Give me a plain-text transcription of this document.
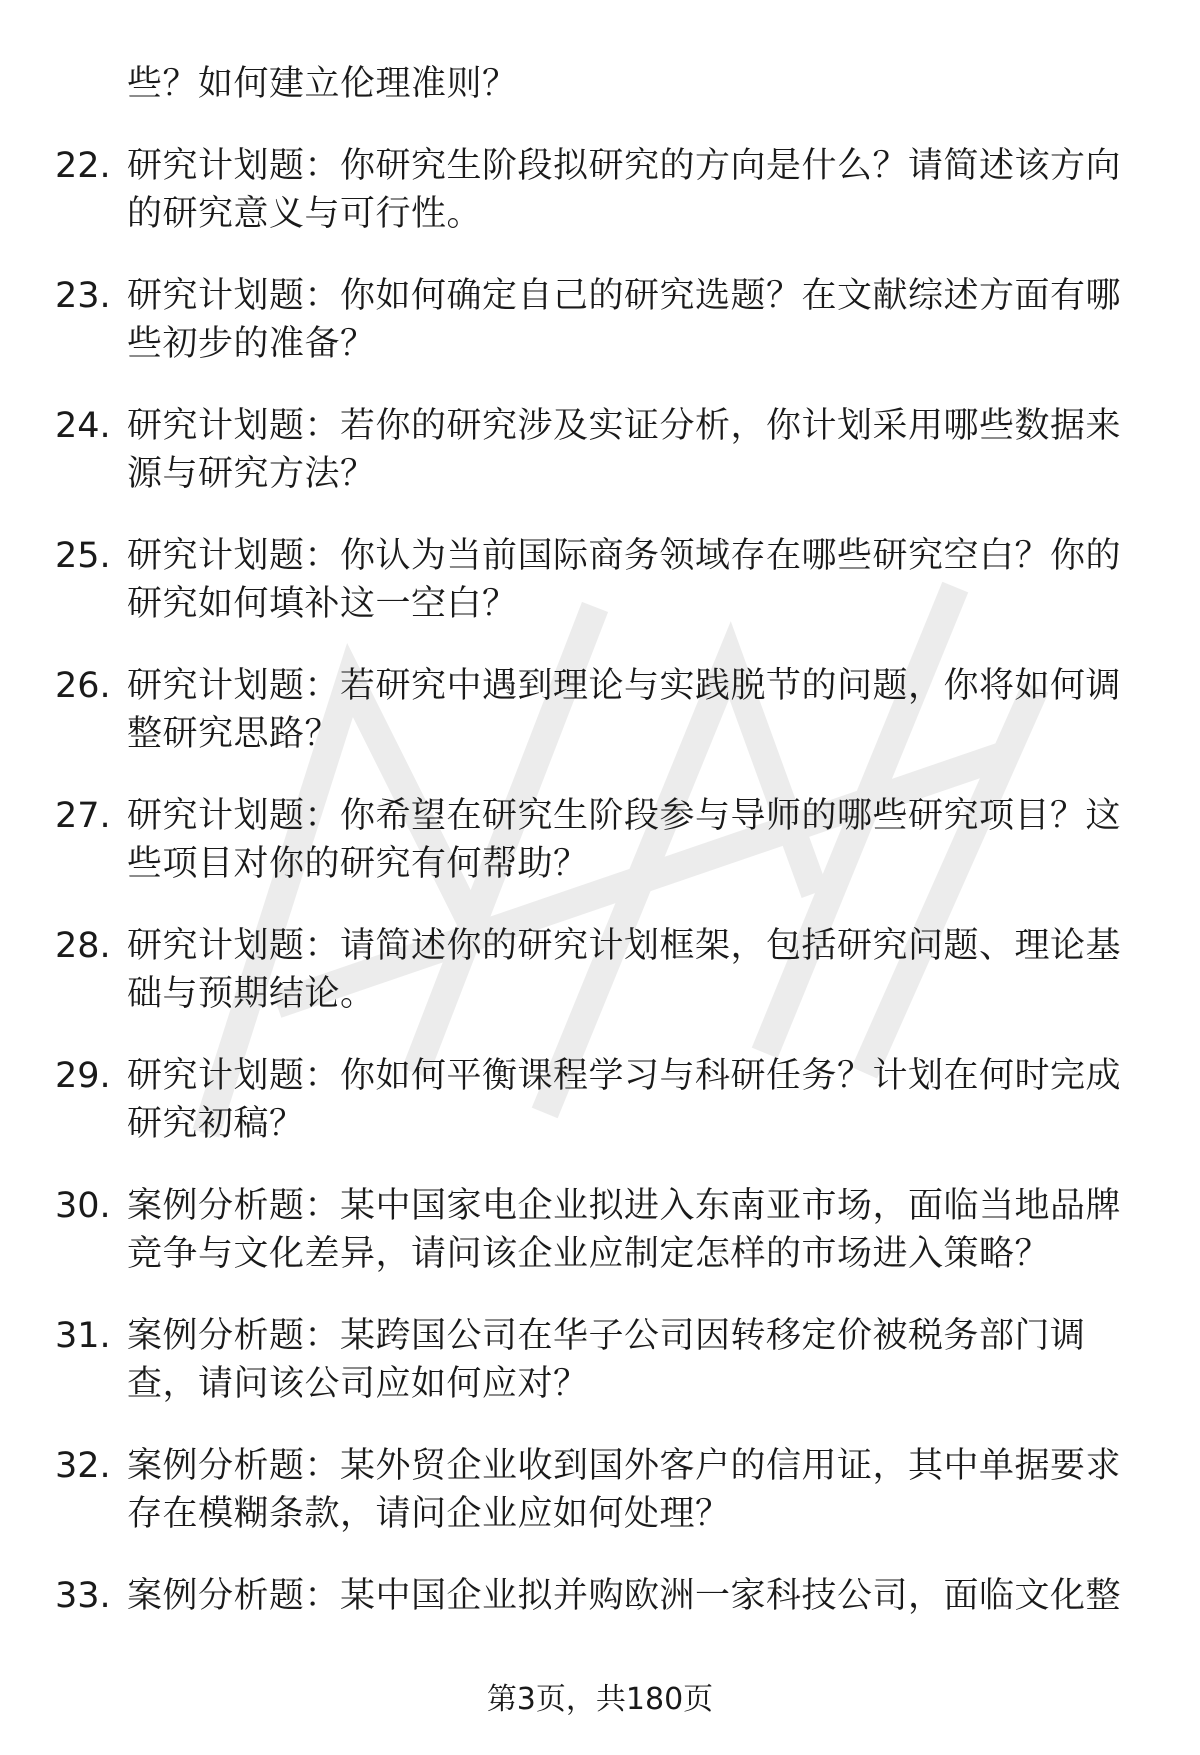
些？如何建立伦理准则？
22. 研究计划题：你研究生阶段拟研究的方向是什么？请简述该方向的研究意义与可行性。
23. 研究计划题：你如何确定自己的研究选题？在文献综述方面有哪些初步的准备？
24. 研究计划题：若你的研究涉及实证分析，你计划采用哪些数据来源与研究方法？
25. 研究计划题：你认为当前国际商务领域存在哪些研究空白？你的研究如何填补这一空白？
26. 研究计划题：若研究中遇到理论与实践脱节的问题，你将如何调整研究思路？
27. 研究计划题：你希望在研究生阶段参与导师的哪些研究项目？这些项目对你的研究有何帮助？
28. 研究计划题：请简述你的研究计划框架，包括研究问题、理论基础与预期结论。
29. 研究计划题：你如何平衡课程学习与科研任务？计划在何时完成研究初稿？
30. 案例分析题：某中国家电企业拟进入东南亚市场，面临当地品牌竞争与文化差异，请问该企业应制定怎样的市场进入策略？
31. 案例分析题：某跨国公司在华子公司因转移定价被税务部门调查，请问该公司应如何应对？
32. 案例分析题：某外贸企业收到国外客户的信用证，其中单据要求存在模糊条款，请问企业应如何处理？
33. 案例分析题：某中国企业拟并购欧洲一家科技公司，面临文化整
第3页，共180页
